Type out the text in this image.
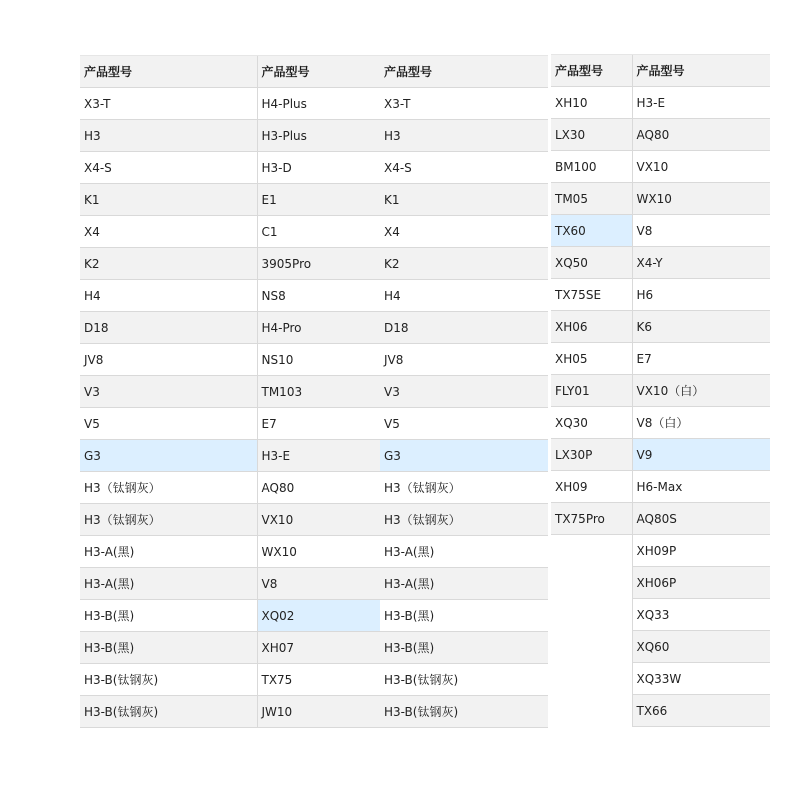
产品型号	产品型号	产品型号
X3-T	H4-Plus	X3-T
H3	H3-Plus	H3
X4-S	H3-D	X4-S
K1	E1	K1
X4	C1	X4
K2	3905Pro	K2
H4	NS8	H4
D18	H4-Pro	D18
JV8	NS10	JV8
V3	TM103	V3
V5	E7	V5
G3	H3-E	G3
H3（钛钢灰）	AQ80	H3（钛钢灰）
H3（钛钢灰）	VX10	H3（钛钢灰）
H3-A(黑)	WX10	H3-A(黑)
H3-A(黑)	V8	H3-A(黑)
H3-B(黑)	XQ02	H3-B(黑)
H3-B(黑)	XH07	H3-B(黑)
H3-B(钛钢灰)	TX75	H3-B(钛钢灰)
H3-B(钛钢灰)	JW10	H3-B(钛钢灰)
产品型号	产品型号
XH10	H3-E
LX30	AQ80
BM100	VX10
TM05	WX10
TX60	V8
XQ50	X4-Y
TX75SE	H6
XH06	K6
XH05	E7
FLY01	VX10（白）
XQ30	V8（白）
LX30P	V9
XH09	H6-Max
TX75Pro	AQ80S
	XH09P
	XH06P
	XQ33
	XQ60
	XQ33W
	TX66
